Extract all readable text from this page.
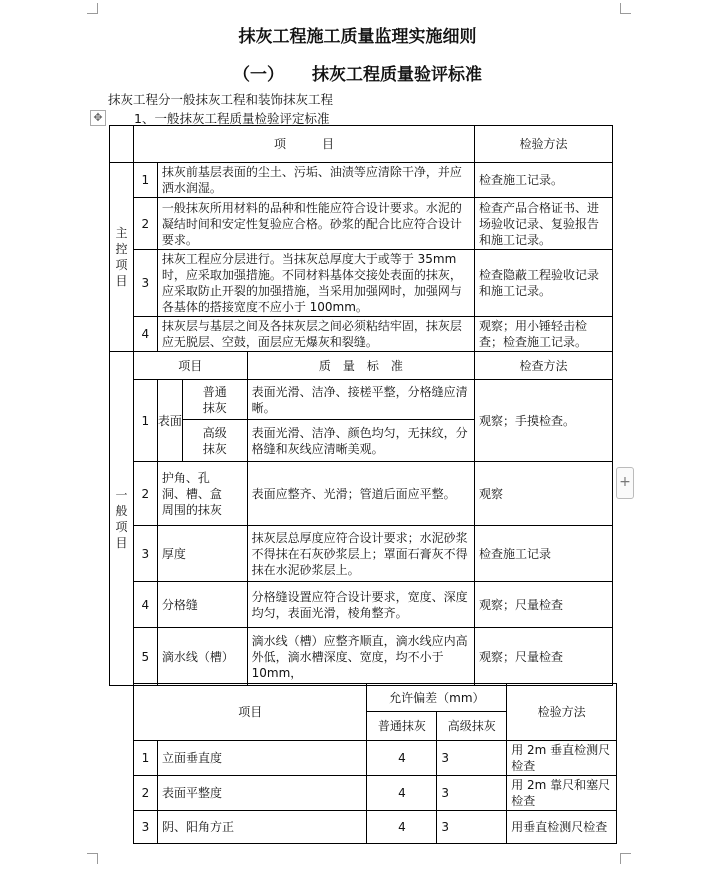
抹灰工程施工质量监理实施细则
（一） 抹灰工程质量验评标准
抹灰工程分一般抹灰工程和装饰抹灰工程
✥	1、一般抹灰工程质量检验评定标准
+
	项　　　目				检验方法

主控项目	1	抹灰前基层表面的尘土、污垢、油渍等应清除干净，并应洒水润湿。			检查施工记录。
	2	一般抹灰所用材料的品种和性能应符合设计要求。水泥的凝结时间和安定性复验应合格。砂浆的配合比应符合设计要求。			检查产品合格证书、进场验收记录、复验报告和施工记录。
	3	抹灰工程应分层进行。当抹灰总厚度大于或等于 35mm 时，应采取加强措施。不同材料基体交接处表面的抹灰，应采取防止开裂的加强措施，当采用加强网时，加强网与各基体的搭接宽度不应小于 100mm。			检查隐蔽工程验收记录和施工记录。
	4	抹灰层与基层之间及各抹灰层之间必须粘结牢固，抹灰层应无脱层、空鼓，面层应无爆灰和裂缝。			观察；用小锤轻击检查；检查施工记录。

一般项目	项目			质　量　标　准	检查方法
	1	表面	普通抹灰	表面光滑、洁净、接槎平整，分格缝应清晰。	观察；手摸检查。

			高级抹灰	表面光滑、洁净、颜色均匀，无抹纹，分格缝和灰线应清晰美观。	
	2	护角、孔洞、槽、盒周围的抹灰		表面应整齐、光滑；管道后面应平整。	观察
	3	厚度		抹灰层总厚度应符合设计要求；水泥砂浆不得抹在石灰砂浆层上；罩面石膏灰不得抹在水泥砂浆层上。	检查施工记录
	4	分格缝		分格缝设置应符合设计要求，宽度、深度均匀，表面光滑，棱角整齐。	观察；尺量检查
	5	滴水线（槽）		滴水线（槽）应整齐顺直，滴水线应内高外低，滴水槽深度、宽度，均不小于 10mm，	观察；尺量检查
项目		允许偏差（mm）		检验方法
		普通抹灰	高级抹灰	
1	立面垂直度	4	3	用 2m 垂直检测尺检查
2	表面平整度	4	3	用 2m 靠尺和塞尺检查
3	阴、阳角方正	4	3	用垂直检测尺检查
